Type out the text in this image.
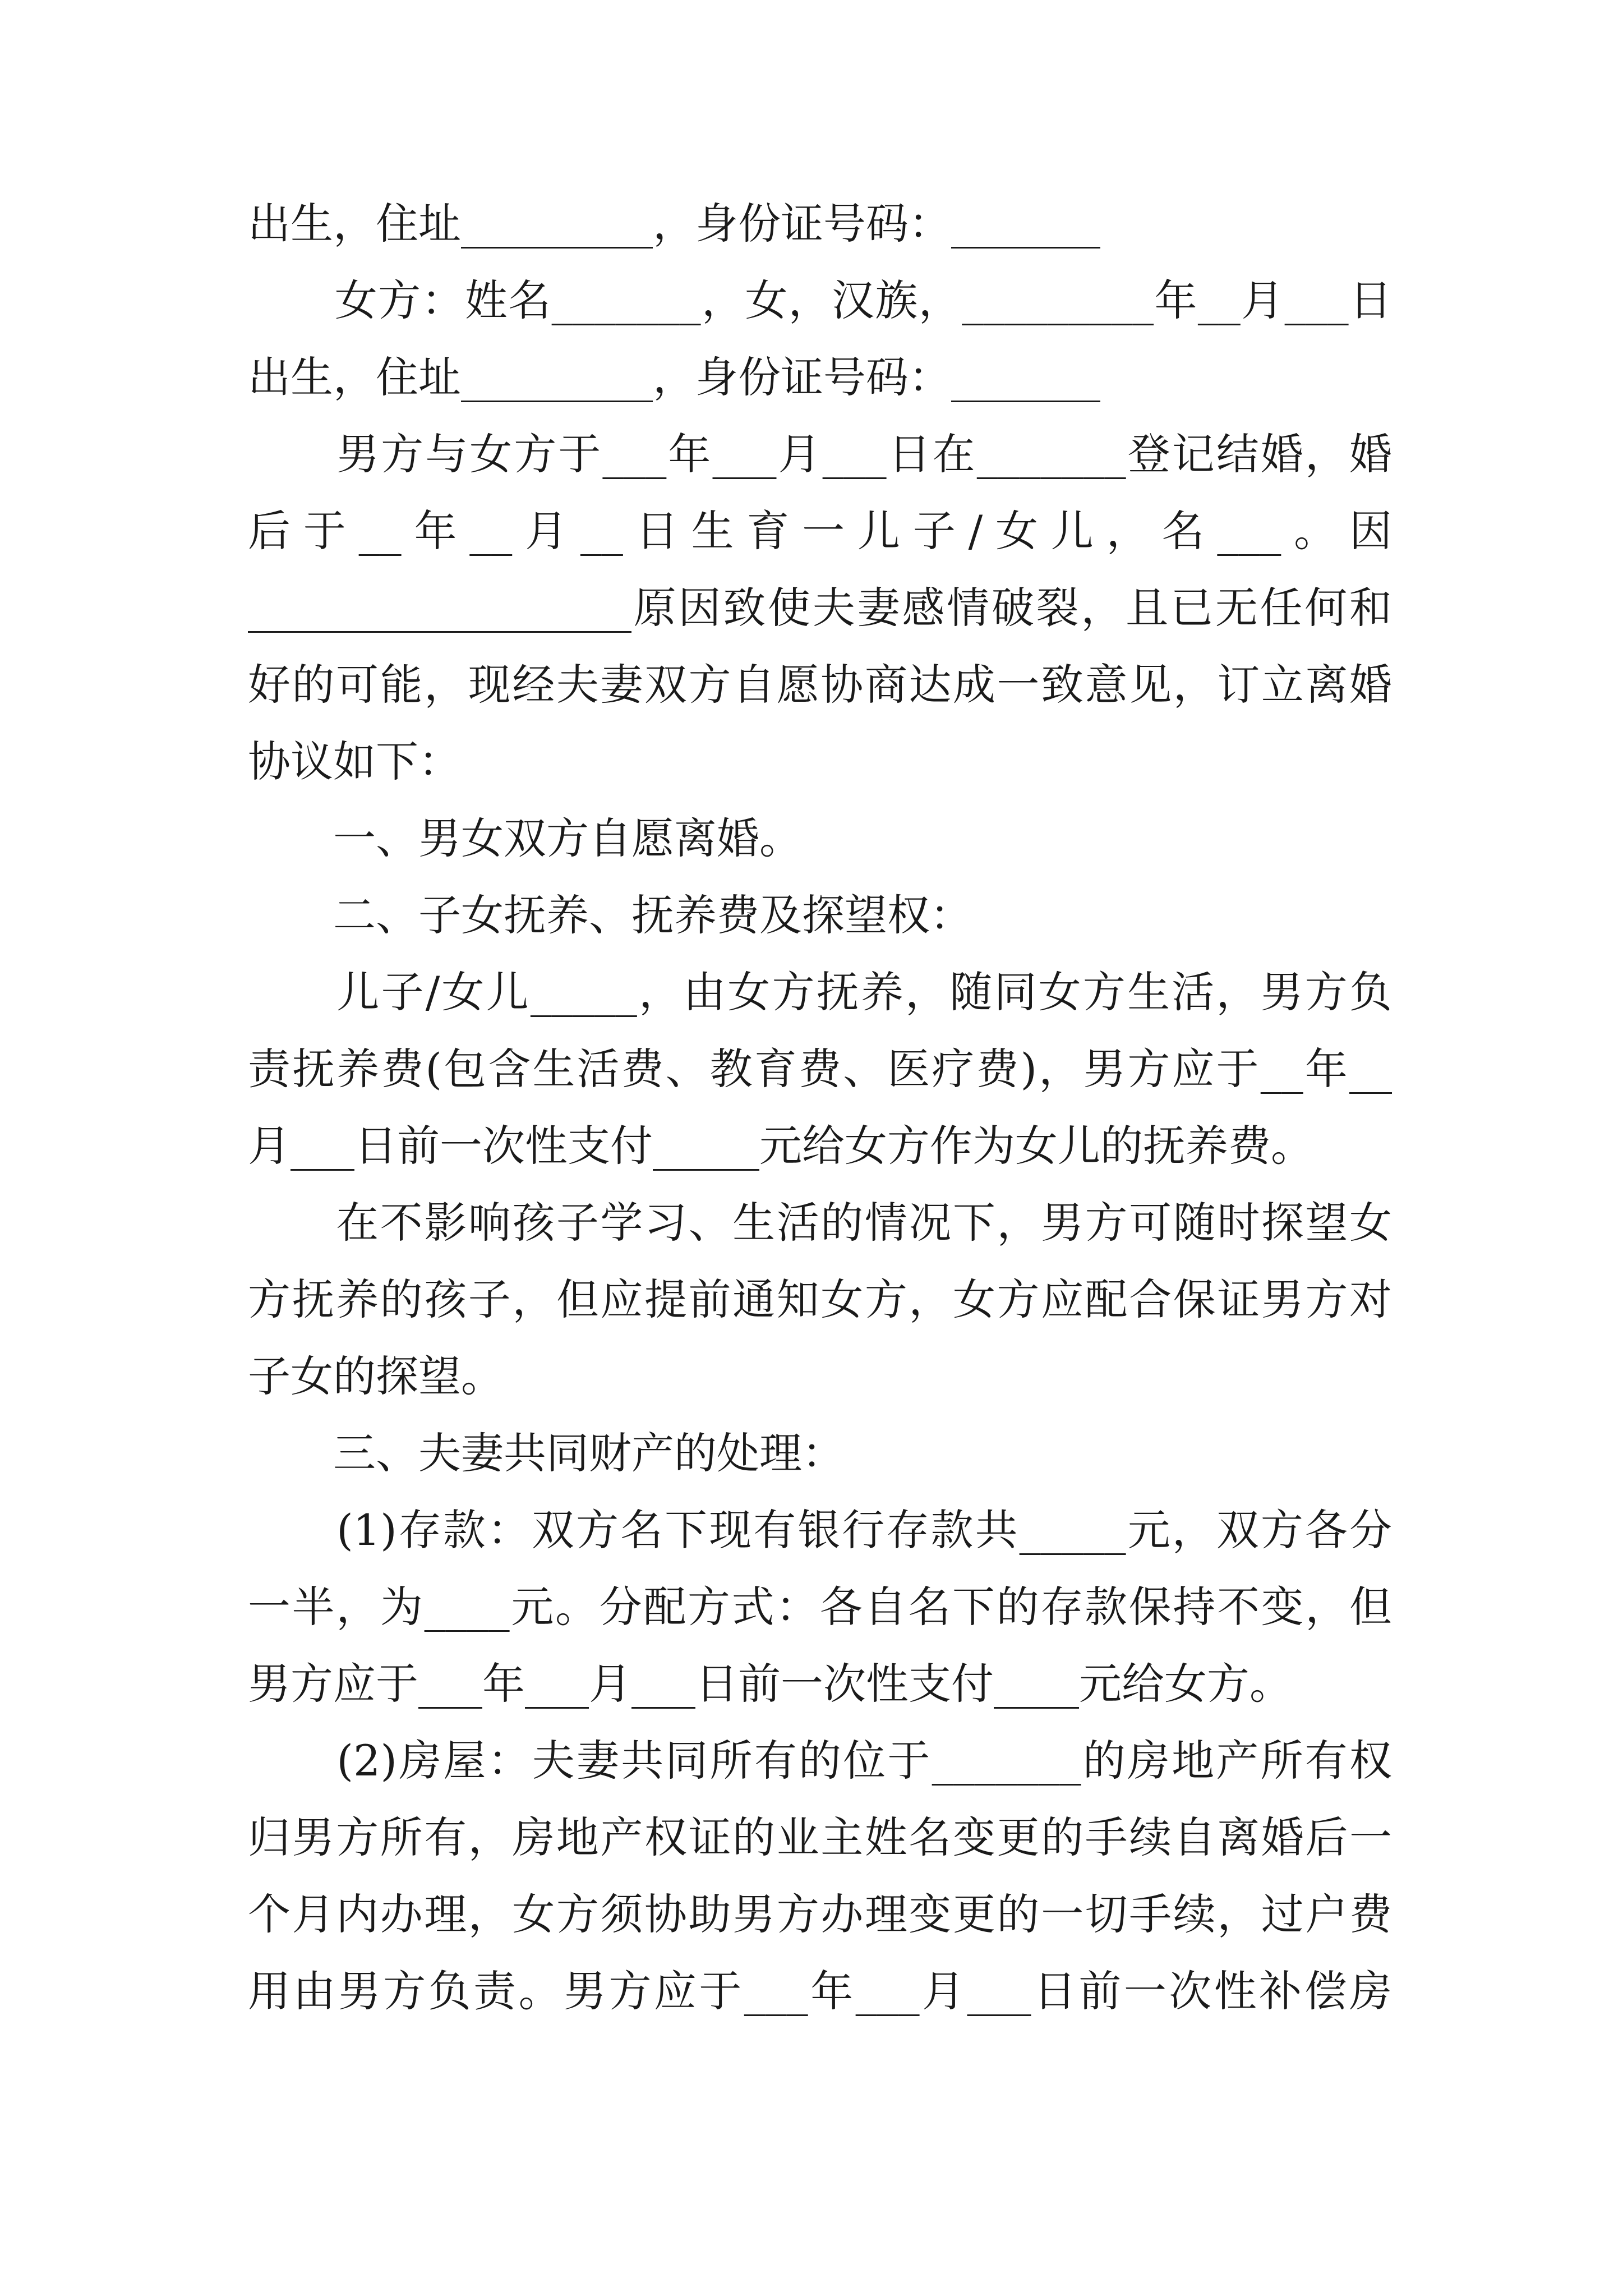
出生，住址_________，身份证号码：_______
　　女方：姓名_______，女，汉族，_________年__月___日
出生，住址_________，身份证号码：_______
　　男方与女方于___年___月___日在_______登记结婚，婚
后于__年__月__日生育一儿子/女儿，名___。因
__________________原因致使夫妻感情破裂，且已无任何和
好的可能，现经夫妻双方自愿协商达成一致意见，订立离婚
协议如下：
　　一、男女双方自愿离婚。
　　二、子女抚养、抚养费及探望权：
　　儿子/女儿_____，由女方抚养，随同女方生活，男方负
责抚养费(包含生活费、教育费、医疗费)，男方应于__年__
月___日前一次性支付_____元给女方作为女儿的抚养费。
　　在不影响孩子学习、生活的情况下，男方可随时探望女
方抚养的孩子，但应提前通知女方，女方应配合保证男方对
子女的探望。
　　三、夫妻共同财产的处理：
　　(1)存款：双方名下现有银行存款共_____元，双方各分
一半，为____元。分配方式：各自名下的存款保持不变，但
男方应于___年___月___日前一次性支付____元给女方。
　　(2)房屋：夫妻共同所有的位于_______的房地产所有权
归男方所有，房地产权证的业主姓名变更的手续自离婚后一
个月内办理，女方须协助男方办理变更的一切手续，过户费
用由男方负责。男方应于___年___月___日前一次性补偿房
